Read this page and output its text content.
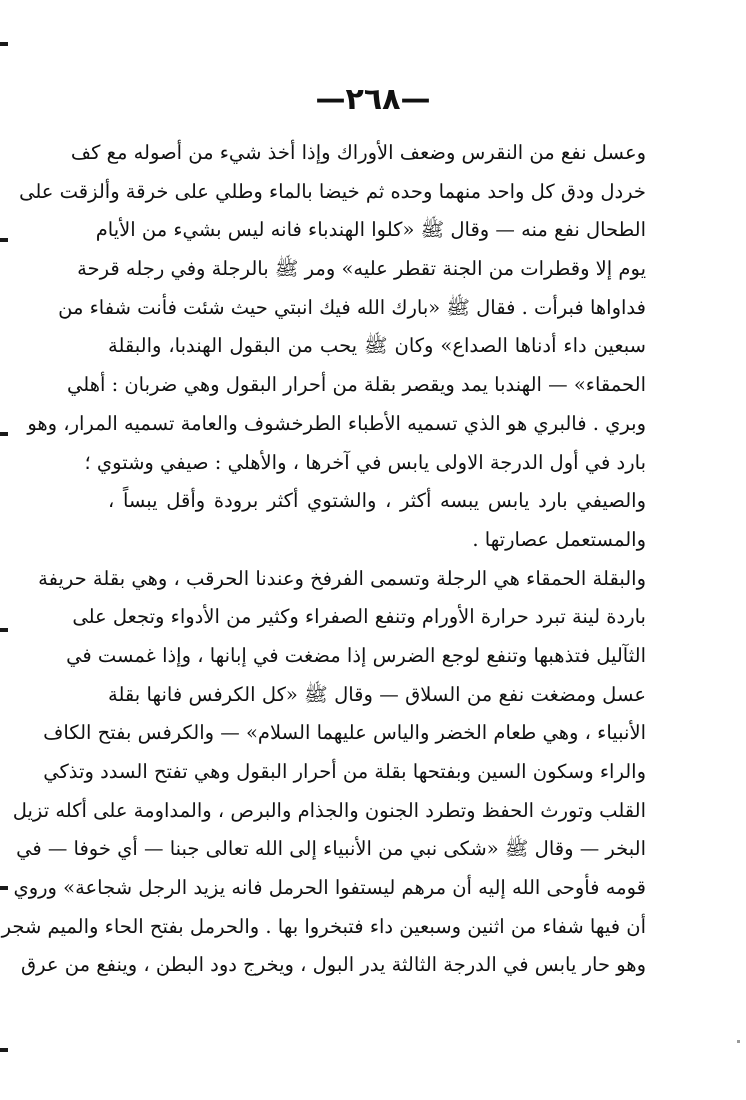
—٢٦٨—
وعسل نفع من النقرس وضعف الأوراك وإذا أخذ شيء من أصوله مع كف
خردل ودق كل واحد منهما وحده ثم خيضا بالماء وطلي على خرقة وألزقت على
الطحال نفع منه — وقال ﷺ «كلوا الهندباء فانه ليس بشيء من الأيام
يوم إلا وقطرات من الجنة تقطر عليه» ومر ﷺ بالرجلة وفي رجله قرحة
فداواها فبرأت . فقال ﷺ «بارك الله فيك انبتي حيث شئت فأنت شفاء من
سبعين داء أدناها الصداع» وكان ﷺ يحب من البقول الهندبا، والبقلة
الحمقاء» — الهندبا يمد ويقصر بقلة من أحرار البقول وهي ضربان : أهلي
وبري . فالبري هو الذي تسميه الأطباء الطرخشوف والعامة تسميه المرار، وهو
بارد في أول الدرجة الاولى يابس في آخرها ، والأهلي : صيفي وشتوي ؛
والصيفي بارد يابس يبسه أكثر ، والشتوي أكثر برودة وأقل يبساً ،
والمستعمل عصارتها .
والبقلة الحمقاء هي الرجلة وتسمى الفرفخ وعندنا الحرقب ، وهي بقلة حريفة
باردة لينة تبرد حرارة الأورام وتنفع الصفراء وكثير من الأدواء وتجعل على
الثآليل فتذهبها وتنفع لوجع الضرس إذا مضغت في إبانها ، وإذا غمست في
عسل ومضغت نفع من السلاق — وقال ﷺ «كل الكرفس فانها بقلة
الأنبياء ، وهي طعام الخضر والياس عليهما السلام» — والكرفس بفتح الكاف
والراء وسكون السين وبفتحها بقلة من أحرار البقول وهي تفتح السدد وتذكي
القلب وتورث الحفظ وتطرد الجنون والجذام والبرص ، والمداومة على أكله تزيل
البخر — وقال ﷺ «شكى نبي من الأنبياء إلى الله تعالى جبنا — أي خوفا — في
قومه فأوحى الله إليه أن مرهم ليستفوا الحرمل فانه يزيد الرجل شجاعة» وروي
أن فيها شفاء من اثنين وسبعين داء فتبخروا بها . والحرمل بفتح الحاء والميم شجر
وهو حار يابس في الدرجة الثالثة يدر البول ، ويخرج دود البطن ، وينفع من عرق
